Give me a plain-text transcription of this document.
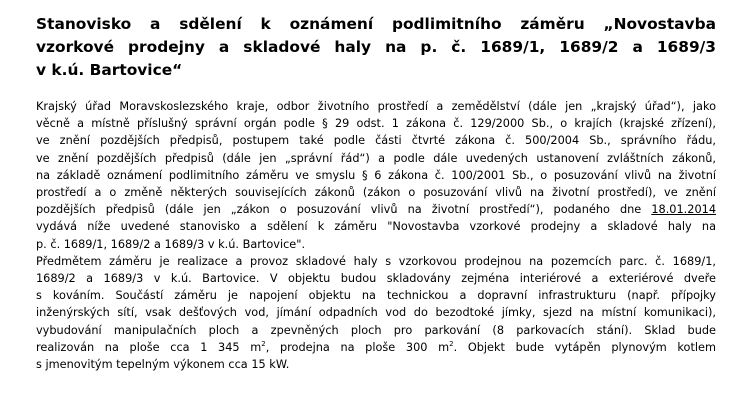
Stanovisko a sdělení k oznámení podlimitního záměru „Novostavba
vzorkové prodejny a skladové haly na p. č. 1689/1, 1689/2 a 1689/3
v k.ú. Bartovice“
Krajský úřad Moravskoslezského kraje, odbor životního prostředí a zemědělství (dále jen „krajský úřad“), jako
věcně a místně příslušný správní orgán podle § 29 odst. 1 zákona č. 129/2000 Sb., o krajích (krajské zřízení),
ve znění pozdějších předpisů, postupem také podle části čtvrté zákona č. 500/2004 Sb., správního řádu,
ve znění pozdějších předpisů (dále jen „správní řád“) a podle dále uvedených ustanovení zvláštních zákonů,
na základě oznámení podlimitního záměru ve smyslu § 6 zákona č. 100/2001 Sb., o posuzování vlivů na životní
prostředí a o změně některých souvisejících zákonů (zákon o posuzování vlivů na životní prostředí), ve znění
pozdějších předpisů (dále jen „zákon o posuzování vlivů na životní prostředí“), podaného dne 18.01.2014
vydává níže uvedené stanovisko a sdělení k záměru "Novostavba vzorkové prodejny a skladové haly na
p. č. 1689/1, 1689/2 a 1689/3 v k.ú. Bartovice".
Předmětem záměru je realizace a provoz skladové haly s vzorkovou prodejnou na pozemcích parc. č. 1689/1,
1689/2 a 1689/3 v k.ú. Bartovice. V objektu budou skladovány zejména interiérové a exteriérové dveře
s kováním. Součástí záměru je napojení objektu na technickou a dopravní infrastrukturu (např. přípojky
inženýrských sítí, vsak dešťových vod, jímání odpadních vod do bezodtoké jímky, sjezd na místní komunikaci),
vybudování manipulačních ploch a zpevněných ploch pro parkování (8 parkovacích stání). Sklad bude
realizován na ploše cca 1 345 $m^2$, prodejna na ploše 300 $m^2$. Objekt bude vytápěn plynovým kotlem
s jmenovitým tepelným výkonem cca 15 kW.
